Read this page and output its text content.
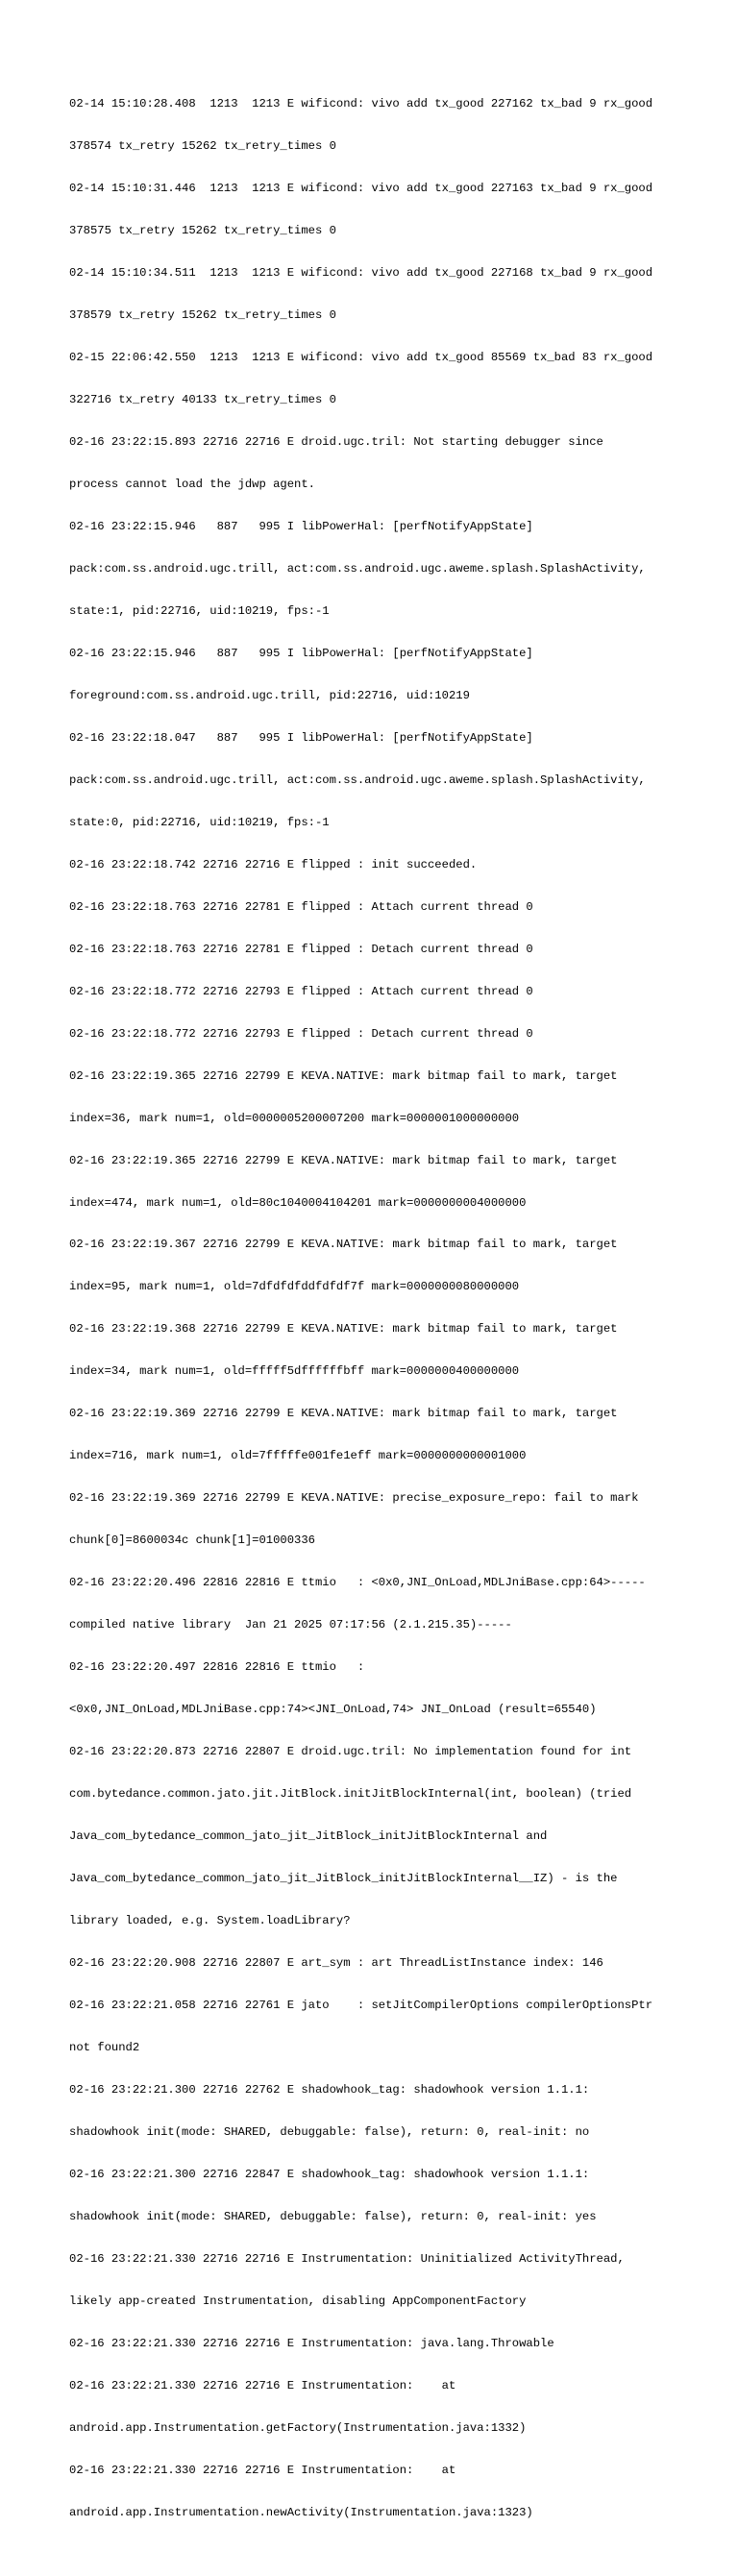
02-14 15:10:28.408  1213  1213 E wificond: vivo add tx_good 227162 tx_bad 9 rx_good

378574 tx_retry 15262 tx_retry_times 0

02-14 15:10:31.446  1213  1213 E wificond: vivo add tx_good 227163 tx_bad 9 rx_good

378575 tx_retry 15262 tx_retry_times 0

02-14 15:10:34.511  1213  1213 E wificond: vivo add tx_good 227168 tx_bad 9 rx_good

378579 tx_retry 15262 tx_retry_times 0

02-15 22:06:42.550  1213  1213 E wificond: vivo add tx_good 85569 tx_bad 83 rx_good

322716 tx_retry 40133 tx_retry_times 0

02-16 23:22:15.893 22716 22716 E droid.ugc.tril: Not starting debugger since

process cannot load the jdwp agent.

02-16 23:22:15.946   887   995 I libPowerHal: [perfNotifyAppState]

pack:com.ss.android.ugc.trill, act:com.ss.android.ugc.aweme.splash.SplashActivity,

state:1, pid:22716, uid:10219, fps:-1

02-16 23:22:15.946   887   995 I libPowerHal: [perfNotifyAppState]

foreground:com.ss.android.ugc.trill, pid:22716, uid:10219

02-16 23:22:18.047   887   995 I libPowerHal: [perfNotifyAppState]

pack:com.ss.android.ugc.trill, act:com.ss.android.ugc.aweme.splash.SplashActivity,

state:0, pid:22716, uid:10219, fps:-1

02-16 23:22:18.742 22716 22716 E flipped : init succeeded.

02-16 23:22:18.763 22716 22781 E flipped : Attach current thread 0

02-16 23:22:18.763 22716 22781 E flipped : Detach current thread 0

02-16 23:22:18.772 22716 22793 E flipped : Attach current thread 0

02-16 23:22:18.772 22716 22793 E flipped : Detach current thread 0

02-16 23:22:19.365 22716 22799 E KEVA.NATIVE: mark bitmap fail to mark, target

index=36, mark num=1, old=0000005200007200 mark=0000001000000000

02-16 23:22:19.365 22716 22799 E KEVA.NATIVE: mark bitmap fail to mark, target

index=474, mark num=1, old=80c1040004104201 mark=0000000004000000

02-16 23:22:19.367 22716 22799 E KEVA.NATIVE: mark bitmap fail to mark, target

index=95, mark num=1, old=7dfdfdfddfdfdf7f mark=0000000080000000

02-16 23:22:19.368 22716 22799 E KEVA.NATIVE: mark bitmap fail to mark, target

index=34, mark num=1, old=fffff5dffffffbff mark=0000000400000000

02-16 23:22:19.369 22716 22799 E KEVA.NATIVE: mark bitmap fail to mark, target

index=716, mark num=1, old=7fffffe001fe1eff mark=0000000000001000

02-16 23:22:19.369 22716 22799 E KEVA.NATIVE: precise_exposure_repo: fail to mark

chunk[0]=8600034c chunk[1]=01000336

02-16 23:22:20.496 22816 22816 E ttmio   : <0x0,JNI_OnLoad,MDLJniBase.cpp:64>-----

compiled native library  Jan 21 2025 07:17:56 (2.1.215.35)-----

02-16 23:22:20.497 22816 22816 E ttmio   :

<0x0,JNI_OnLoad,MDLJniBase.cpp:74><JNI_OnLoad,74> JNI_OnLoad (result=65540)

02-16 23:22:20.873 22716 22807 E droid.ugc.tril: No implementation found for int

com.bytedance.common.jato.jit.JitBlock.initJitBlockInternal(int, boolean) (tried

Java_com_bytedance_common_jato_jit_JitBlock_initJitBlockInternal and

Java_com_bytedance_common_jato_jit_JitBlock_initJitBlockInternal__IZ) - is the

library loaded, e.g. System.loadLibrary?

02-16 23:22:20.908 22716 22807 E art_sym : art ThreadListInstance index: 146

02-16 23:22:21.058 22716 22761 E jato    : setJitCompilerOptions compilerOptionsPtr

not found2

02-16 23:22:21.300 22716 22762 E shadowhook_tag: shadowhook version 1.1.1:

shadowhook init(mode: SHARED, debuggable: false), return: 0, real-init: no

02-16 23:22:21.300 22716 22847 E shadowhook_tag: shadowhook version 1.1.1:

shadowhook init(mode: SHARED, debuggable: false), return: 0, real-init: yes

02-16 23:22:21.330 22716 22716 E Instrumentation: Uninitialized ActivityThread,

likely app-created Instrumentation, disabling AppComponentFactory

02-16 23:22:21.330 22716 22716 E Instrumentation: java.lang.Throwable

02-16 23:22:21.330 22716 22716 E Instrumentation:    at

android.app.Instrumentation.getFactory(Instrumentation.java:1332)

02-16 23:22:21.330 22716 22716 E Instrumentation:    at

android.app.Instrumentation.newActivity(Instrumentation.java:1323)
